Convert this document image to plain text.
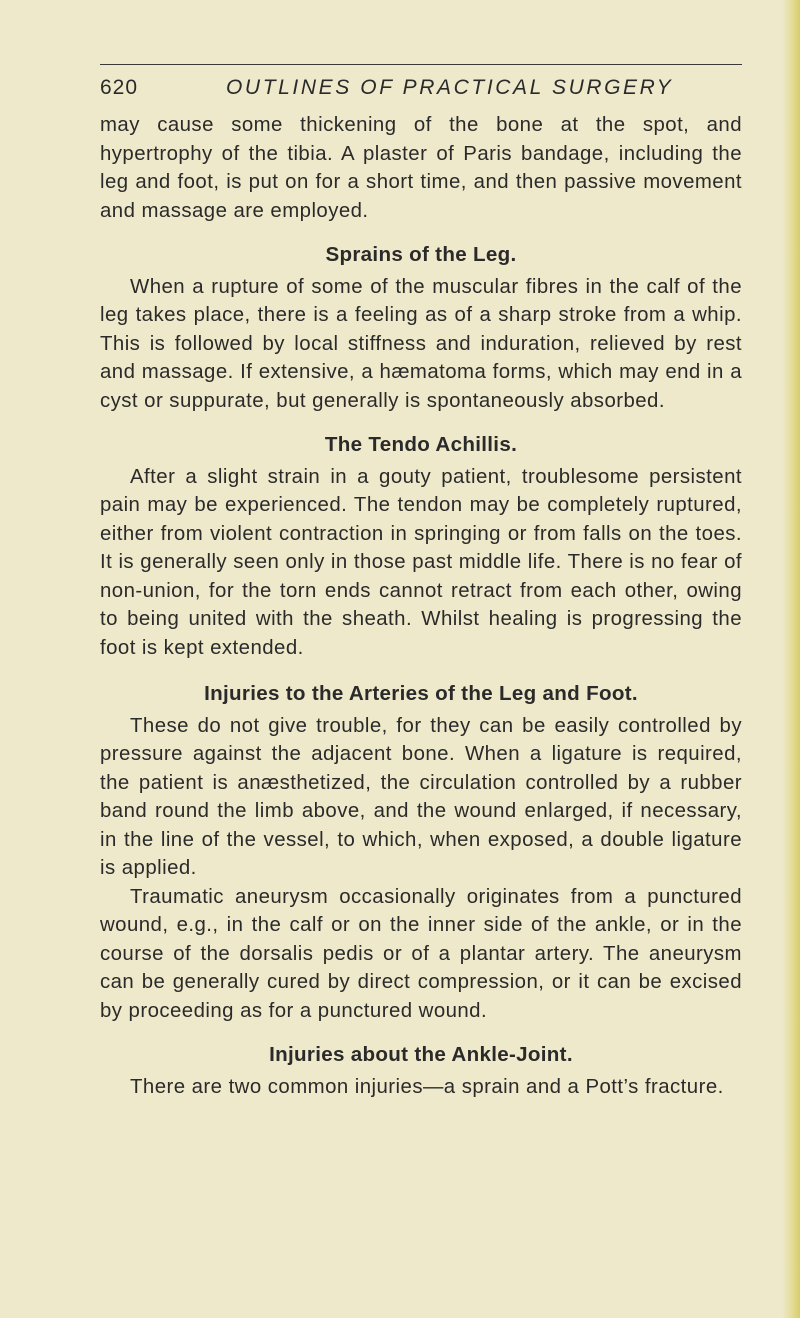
620	OUTLINES OF PRACTICAL SURGERY

may cause some thickening of the bone at the spot, and hypertrophy of the tibia. A plaster of Paris bandage, including the leg and foot, is put on for a short time, and then passive movement and massage are employed.

Sprains of the Leg.

When a rupture of some of the muscular fibres in the calf of the leg takes place, there is a feeling as of a sharp stroke from a whip. This is followed by local stiffness and induration, relieved by rest and massage. If extensive, a hæmatoma forms, which may end in a cyst or suppurate, but generally is spontaneously absorbed.

The Tendo Achillis.

After a slight strain in a gouty patient, troublesome persistent pain may be experienced. The tendon may be completely ruptured, either from violent contraction in springing or from falls on the toes. It is generally seen only in those past middle life. There is no fear of non-union, for the torn ends cannot retract from each other, owing to being united with the sheath. Whilst healing is progressing the foot is kept extended.

Injuries to the Arteries of the Leg and Foot.

These do not give trouble, for they can be easily controlled by pressure against the adjacent bone. When a ligature is required, the patient is anæsthetized, the circulation controlled by a rubber band round the limb above, and the wound enlarged, if necessary, in the line of the vessel, to which, when exposed, a double ligature is applied.

Traumatic aneurysm occasionally originates from a punctured wound, e.g., in the calf or on the inner side of the ankle, or in the course of the dorsalis pedis or of a plantar artery. The aneurysm can be generally cured by direct compression, or it can be excised by proceeding as for a punctured wound.

Injuries about the Ankle-Joint.

There are two common injuries—a sprain and a Pott’s fracture.
